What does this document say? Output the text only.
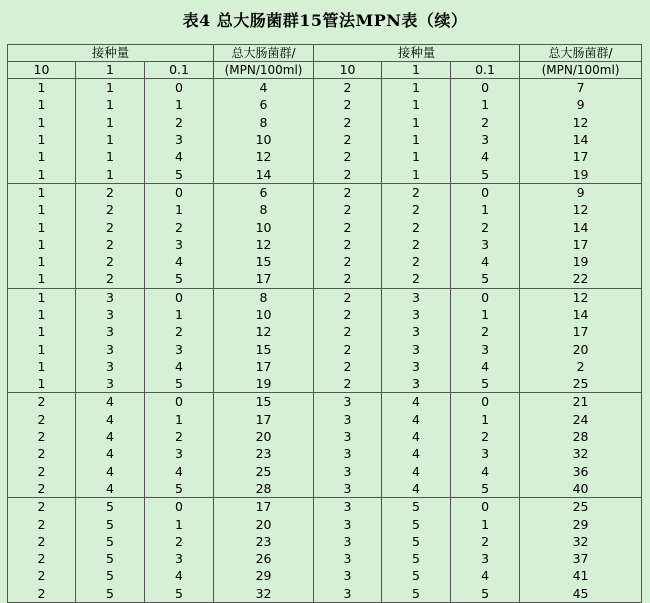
表4 总大肠菌群15管法MPN表（续）
接种量			总大肠菌群/	接种量			总大肠菌群/
10	1	0.1	(MPN/100ml)	10	1	0.1	(MPN/100ml)
1	1	0	4	2	1	0	7
1	1	1	6	2	1	1	9
1	1	2	8	2	1	2	12
1	1	3	10	2	1	3	14
1	1	4	12	2	1	4	17
1	1	5	14	2	1	5	19
1	2	0	6	2	2	0	9
1	2	1	8	2	2	1	12
1	2	2	10	2	2	2	14
1	2	3	12	2	2	3	17
1	2	4	15	2	2	4	19
1	2	5	17	2	2	5	22
1	3	0	8	2	3	0	12
1	3	1	10	2	3	1	14
1	3	2	12	2	3	2	17
1	3	3	15	2	3	3	20
1	3	4	17	2	3	4	2
1	3	5	19	2	3	5	25
2	4	0	15	3	4	0	21
2	4	1	17	3	4	1	24
2	4	2	20	3	4	2	28
2	4	3	23	3	4	3	32
2	4	4	25	3	4	4	36
2	4	5	28	3	4	5	40
2	5	0	17	3	5	0	25
2	5	1	20	3	5	1	29
2	5	2	23	3	5	2	32
2	5	3	26	3	5	3	37
2	5	4	29	3	5	4	41
2	5	5	32	3	5	5	45
